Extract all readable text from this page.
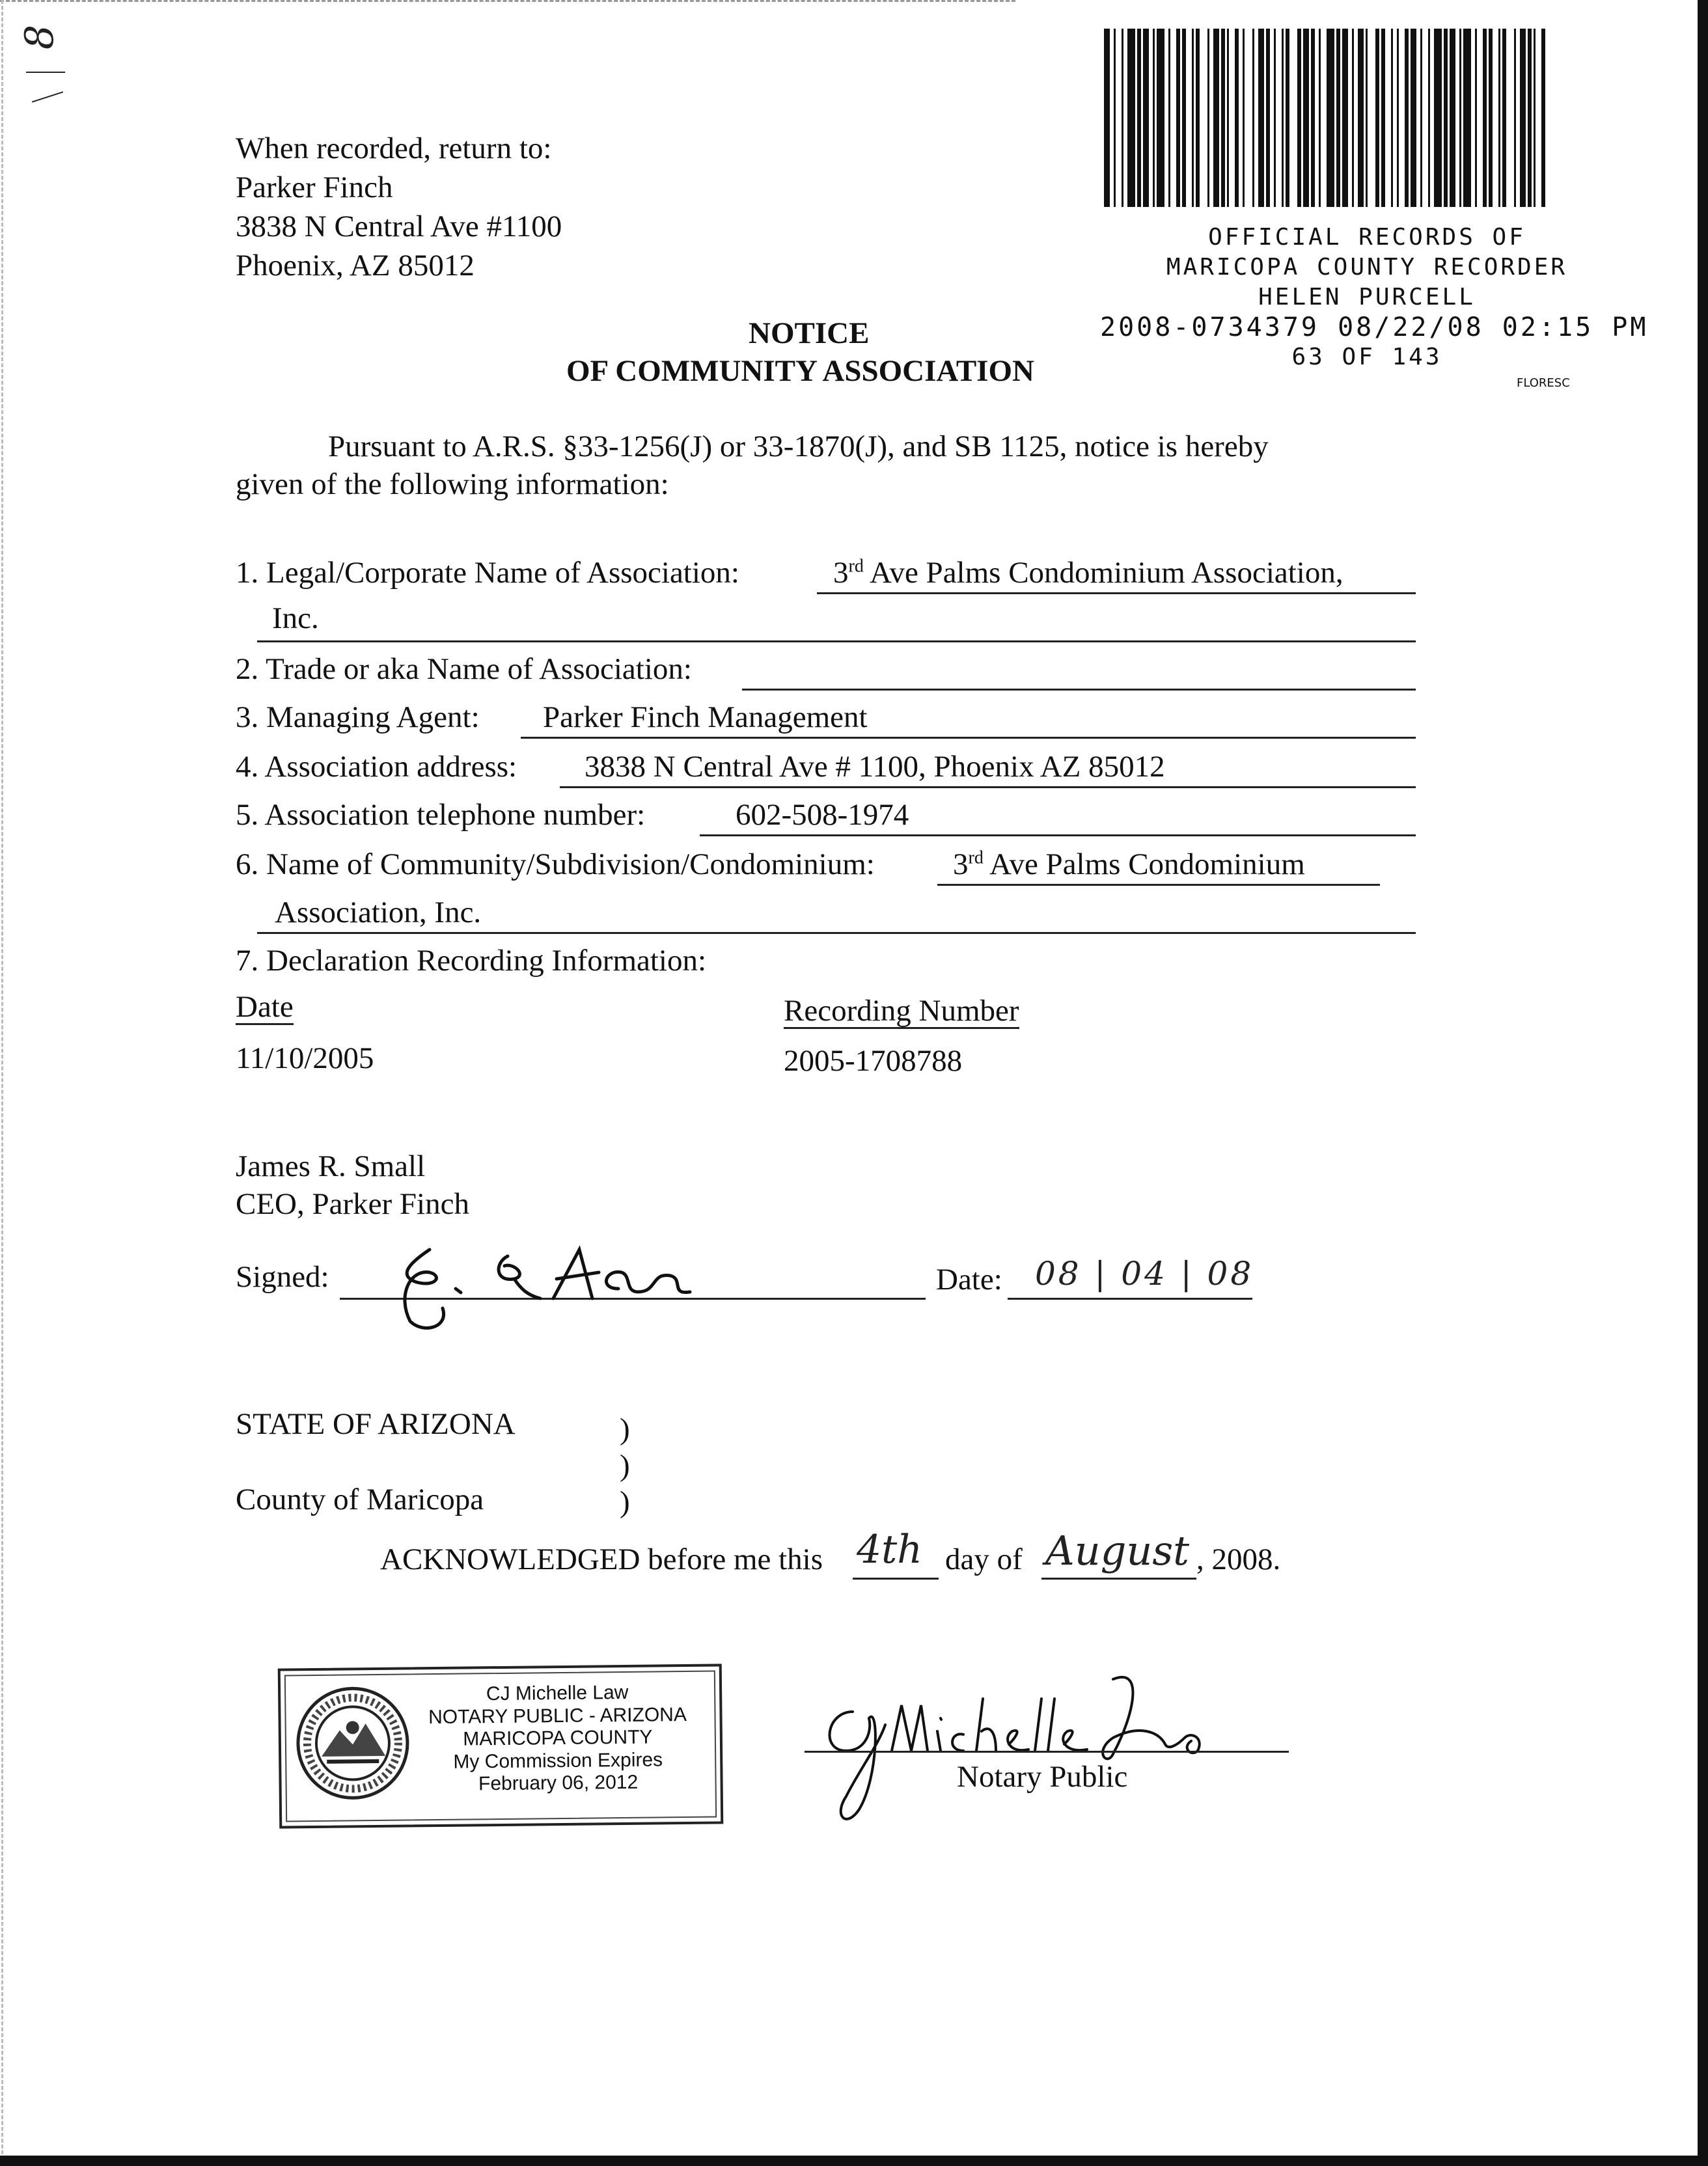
8
When recorded, return to:
Parker Finch
3838 N Central Ave #1100
Phoenix, AZ 85012
OFFICIAL RECORDS OF
MARICOPA COUNTY RECORDER
HELEN PURCELL
2008-0734379 08/22/08 02:15 PM
63 OF 143
FLORESC
NOTICE
OF COMMUNITY ASSOCIATION
Pursuant to A.R.S. §33-1256(J) or 33-1870(J), and SB 1125, notice is hereby
given of the following information:
1. Legal/Corporate Name of Association:	3rd Ave Palms Condominium Association,
Inc.
2. Trade or aka Name of Association:
3. Managing Agent: Parker Finch Management
4. Association address: 3838 N Central Ave # 1100, Phoenix AZ 85012
5. Association telephone number:	602-508-1974
6. Name of Community/Subdivision/Condominium:	3rd Ave Palms Condominium
Association, Inc.
7. Declaration Recording Information:
Date	Recording Number
11/10/2005	2005-1708788
James R. Small
CEO, Parker Finch
Signed:	Date: 08 | 04 | 08
STATE OF ARIZONA
County of Maricopa
)
)
)
ACKNOWLEDGED before me this 4th day of August , 2008.
CJ Michelle Law
NOTARY PUBLIC - ARIZONA
MARICOPA COUNTY
My Commission Expires
February 06, 2012	Notary Public
